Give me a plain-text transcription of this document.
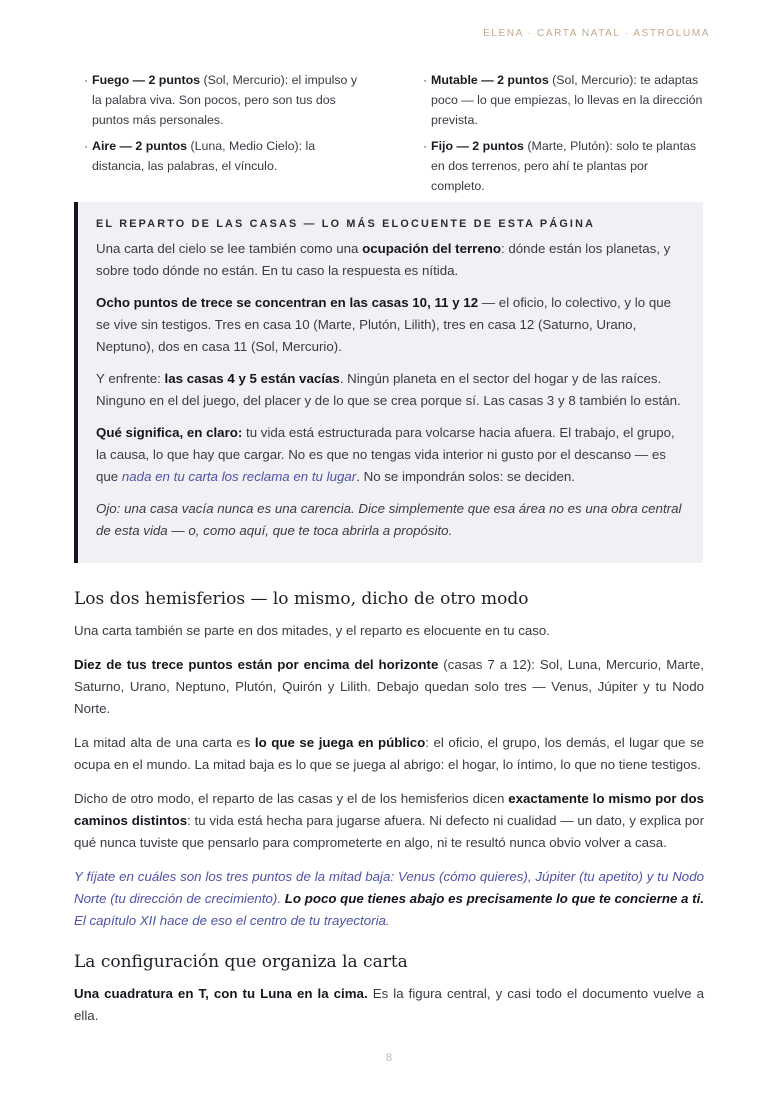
ELENA · CARTA NATAL · ASTROLUMA
· Fuego — 2 puntos (Sol, Mercurio): el impulso y la palabra viva. Son pocos, pero son tus dos puntos más personales.
· Aire — 2 puntos (Luna, Medio Cielo): la distancia, las palabras, el vínculo.
· Mutable — 2 puntos (Sol, Mercurio): te adaptas poco — lo que empiezas, lo llevas en la dirección prevista.
· Fijo — 2 puntos (Marte, Plutón): solo te plantas en dos terrenos, pero ahí te plantas por completo.
EL REPARTO DE LAS CASAS — LO MÁS ELOCUENTE DE ESTA PÁGINA

Una carta del cielo se lee también como una ocupación del terreno: dónde están los planetas, y sobre todo dónde no están. En tu caso la respuesta es nítida.

Ocho puntos de trece se concentran en las casas 10, 11 y 12 — el oficio, lo colectivo, y lo que se vive sin testigos. Tres en casa 10 (Marte, Plutón, Lilith), tres en casa 12 (Saturno, Urano, Neptuno), dos en casa 11 (Sol, Mercurio).

Y enfrente: las casas 4 y 5 están vacías. Ningún planeta en el sector del hogar y de las raíces. Ninguno en el del juego, del placer y de lo que se crea porque sí. Las casas 3 y 8 también lo están.

Qué significa, en claro: tu vida está estructurada para volcarse hacia afuera. El trabajo, el grupo, la causa, lo que hay que cargar. No es que no tengas vida interior ni gusto por el descanso — es que nada en tu carta los reclama en tu lugar. No se impondrán solos: se deciden.

Ojo: una casa vacía nunca es una carencia. Dice simplemente que esa área no es una obra central de esta vida — o, como aquí, que te toca abrirla a propósito.

Los dos hemisferios — lo mismo, dicho de otro modo

Una carta también se parte en dos mitades, y el reparto es elocuente en tu caso.

Diez de tus trece puntos están por encima del horizonte (casas 7 a 12): Sol, Luna, Mercurio, Marte, Saturno, Urano, Neptuno, Plutón, Quirón y Lilith. Debajo quedan solo tres — Venus, Júpiter y tu Nodo Norte.

La mitad alta de una carta es lo que se juega en público: el oficio, el grupo, los demás, el lugar que se ocupa en el mundo. La mitad baja es lo que se juega al abrigo: el hogar, lo íntimo, lo que no tiene testigos.

Dicho de otro modo, el reparto de las casas y el de los hemisferios dicen exactamente lo mismo por dos caminos distintos: tu vida está hecha para jugarse afuera. Ni defecto ni cualidad — un dato, y explica por qué nunca tuviste que pensarlo para comprometerte en algo, ni te resultó nunca obvio volver a casa.

Y fíjate en cuáles son los tres puntos de la mitad baja: Venus (cómo quieres), Júpiter (tu apetito) y tu Nodo Norte (tu dirección de crecimiento). Lo poco que tienes abajo es precisamente lo que te concierne a ti. El capítulo XII hace de eso el centro de tu trayectoria.

La configuración que organiza la carta

Una cuadratura en T, con tu Luna en la cima. Es la figura central, y casi todo el documento vuelve a ella.

8
